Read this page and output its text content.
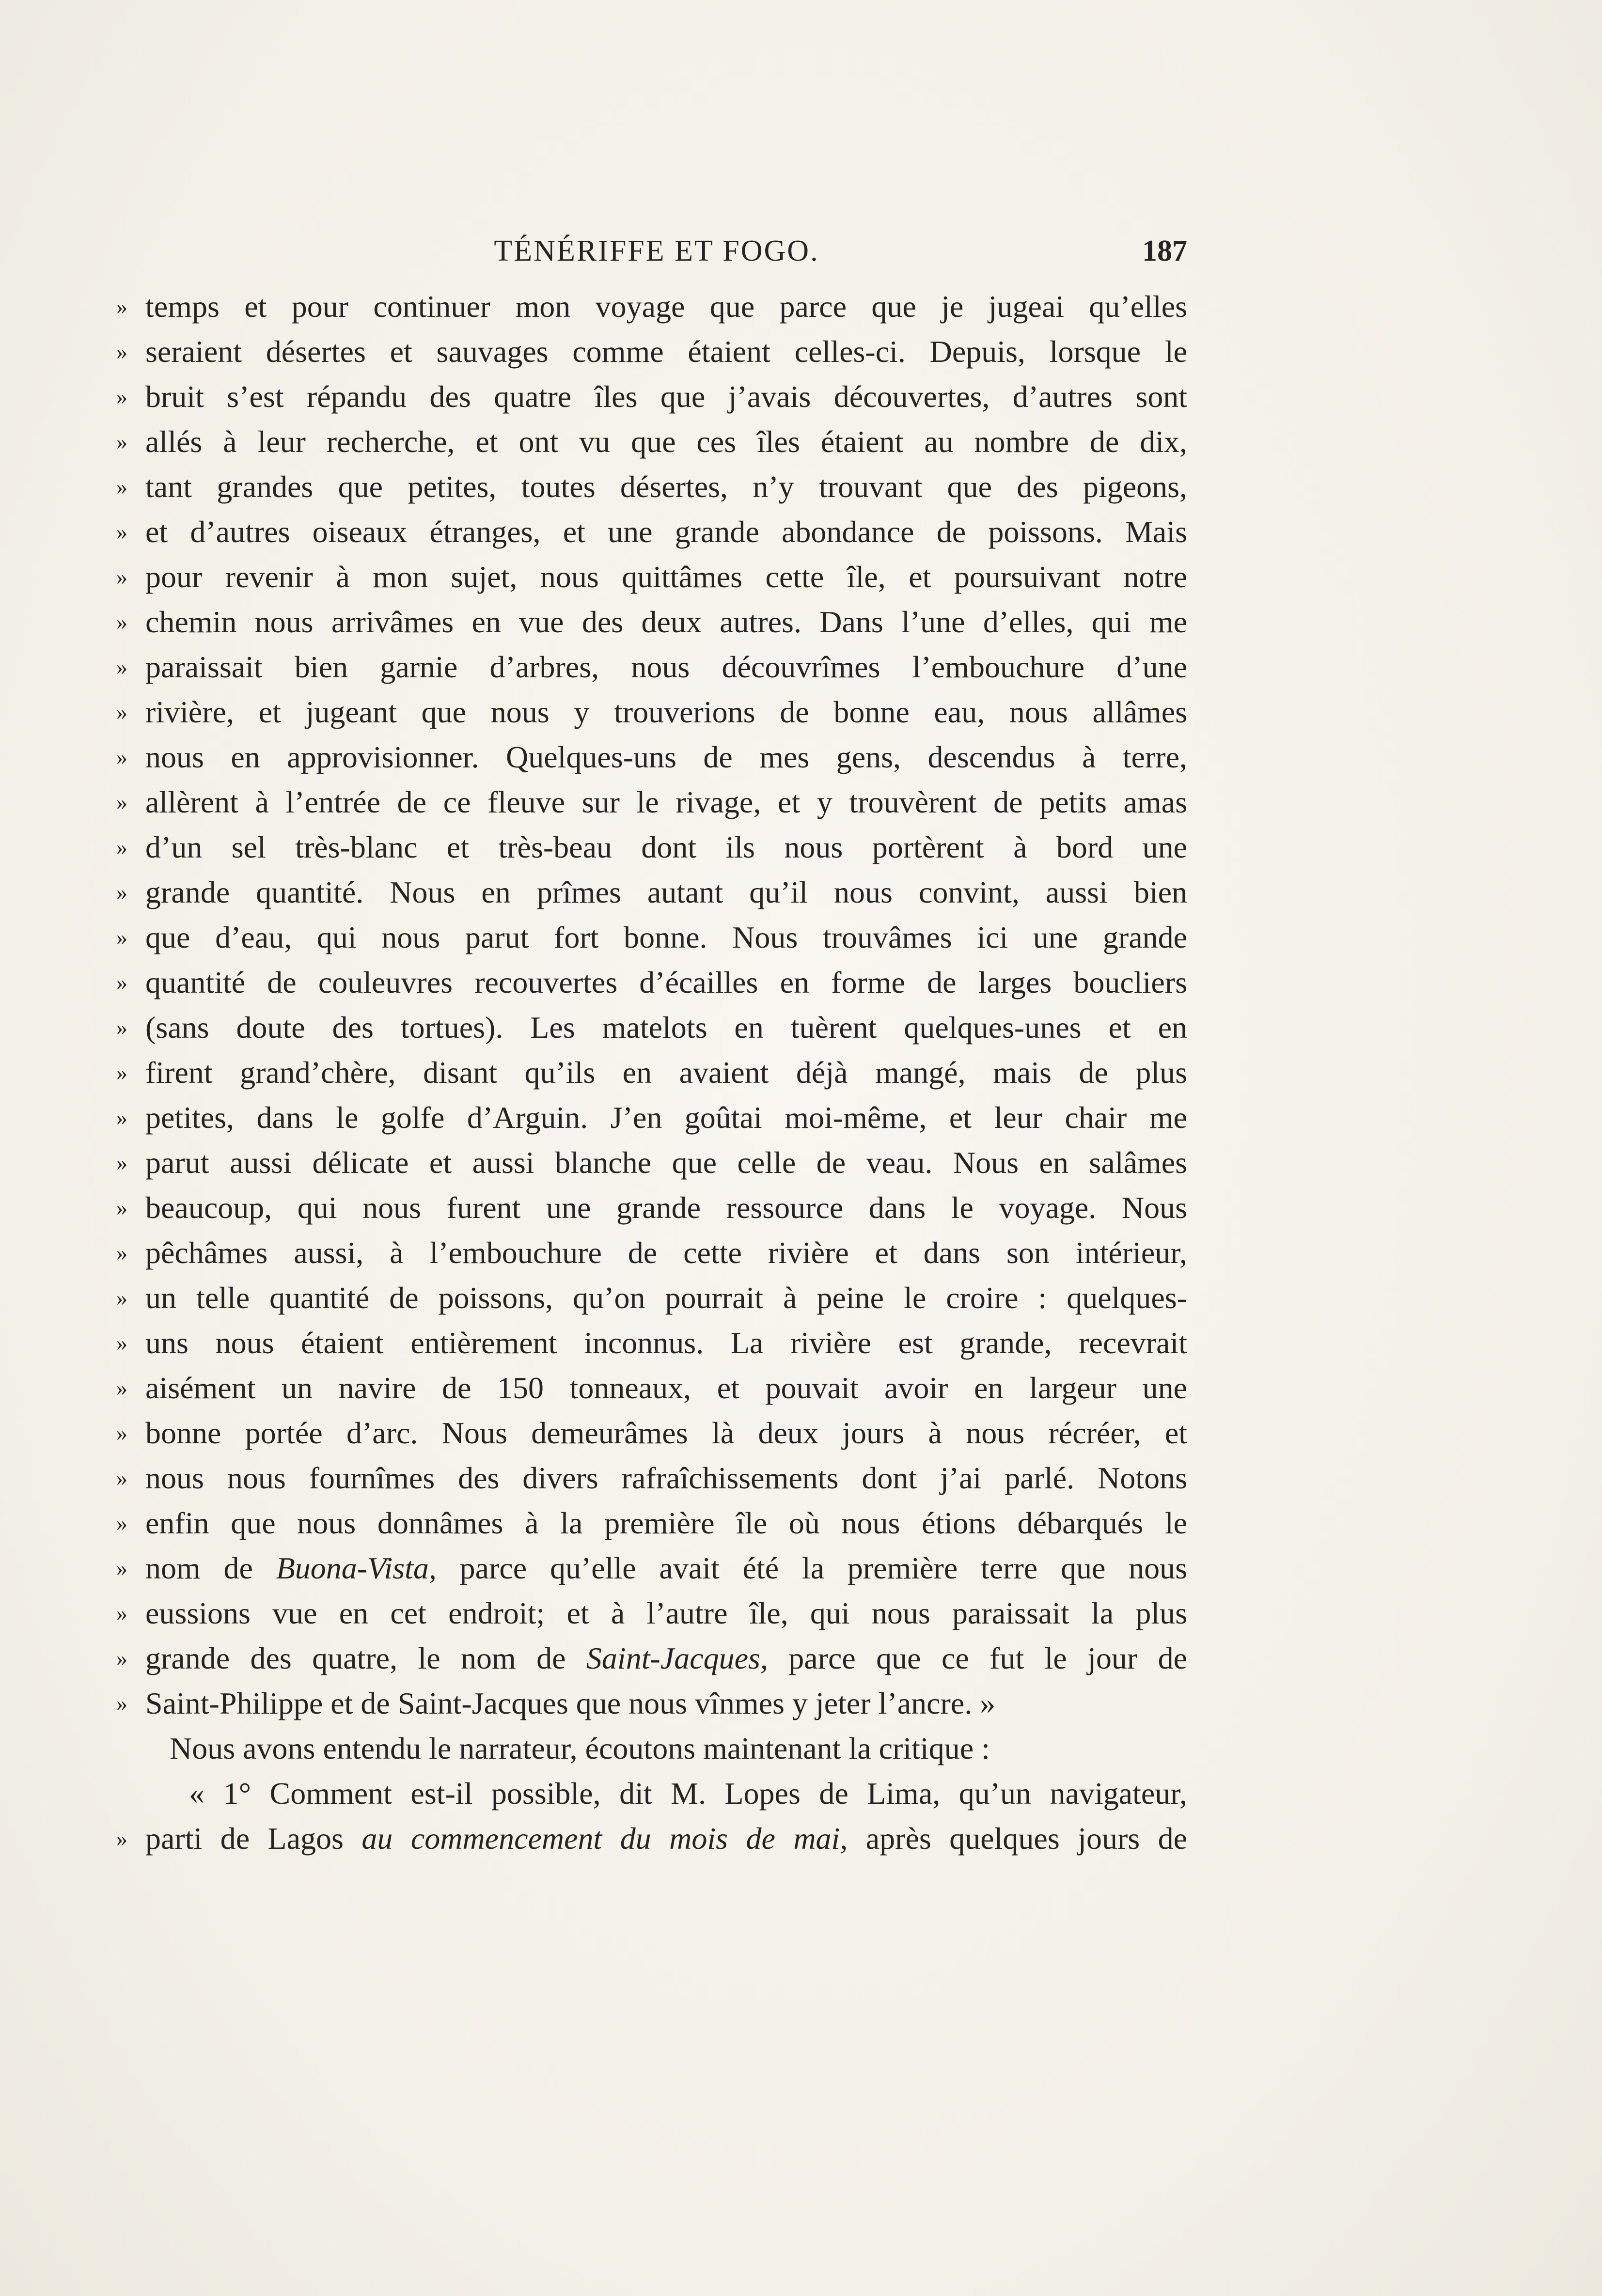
TÉNÉRIFFE ET FOGO.	187
» temps et pour continuer mon voyage que parce que je jugeai qu’elles
» seraient désertes et sauvages comme étaient celles-ci. Depuis, lorsque le
» bruit s’est répandu des quatre îles que j’avais découvertes, d’autres sont
» allés à leur recherche, et ont vu que ces îles étaient au nombre de dix,
» tant grandes que petites, toutes désertes, n’y trouvant que des pigeons,
» et d’autres oiseaux étranges, et une grande abondance de poissons. Mais
» pour revenir à mon sujet, nous quittâmes cette île, et poursuivant notre
» chemin nous arrivâmes en vue des deux autres. Dans l’une d’elles, qui me
» paraissait bien garnie d’arbres, nous découvrîmes l’embouchure d’une
» rivière, et jugeant que nous y trouverions de bonne eau, nous allâmes
» nous en approvisionner. Quelques-uns de mes gens, descendus à terre,
» allèrent à l’entrée de ce fleuve sur le rivage, et y trouvèrent de petits amas
» d’un sel très-blanc et très-beau dont ils nous portèrent à bord une
» grande quantité. Nous en prîmes autant qu’il nous convint, aussi bien
» que d’eau, qui nous parut fort bonne. Nous trouvâmes ici une grande
» quantité de couleuvres recouvertes d’écailles en forme de larges boucliers
» (sans doute des tortues). Les matelots en tuèrent quelques-unes et en
» firent grand’chère, disant qu’ils en avaient déjà mangé, mais de plus
» petites, dans le golfe d’Arguin. J’en goûtai moi-même, et leur chair me
» parut aussi délicate et aussi blanche que celle de veau. Nous en salâmes
» beaucoup, qui nous furent une grande ressource dans le voyage. Nous
» pêchâmes aussi, à l’embouchure de cette rivière et dans son intérieur,
» un telle quantité de poissons, qu’on pourrait à peine le croire : quelques-
» uns nous étaient entièrement inconnus. La rivière est grande, recevrait
» aisément un navire de 150 tonneaux, et pouvait avoir en largeur une
» bonne portée d’arc. Nous demeurâmes là deux jours à nous récréer, et
» nous nous fournîmes des divers rafraîchissements dont j’ai parlé. Notons
» enfin que nous donnâmes à la première île où nous étions débarqués le
» nom de Buona-Vista, parce qu’elle avait été la première terre que nous
» eussions vue en cet endroit; et à l’autre île, qui nous paraissait la plus
» grande des quatre, le nom de Saint-Jacques, parce que ce fut le jour de
» Saint-Philippe et de Saint-Jacques que nous vînmes y jeter l’ancre. »
Nous avons entendu le narrateur, écoutons maintenant la critique :
« 1° Comment est-il possible, dit M. Lopes de Lima, qu’un navigateur,
» parti de Lagos au commencement du mois de mai, après quelques jours de
